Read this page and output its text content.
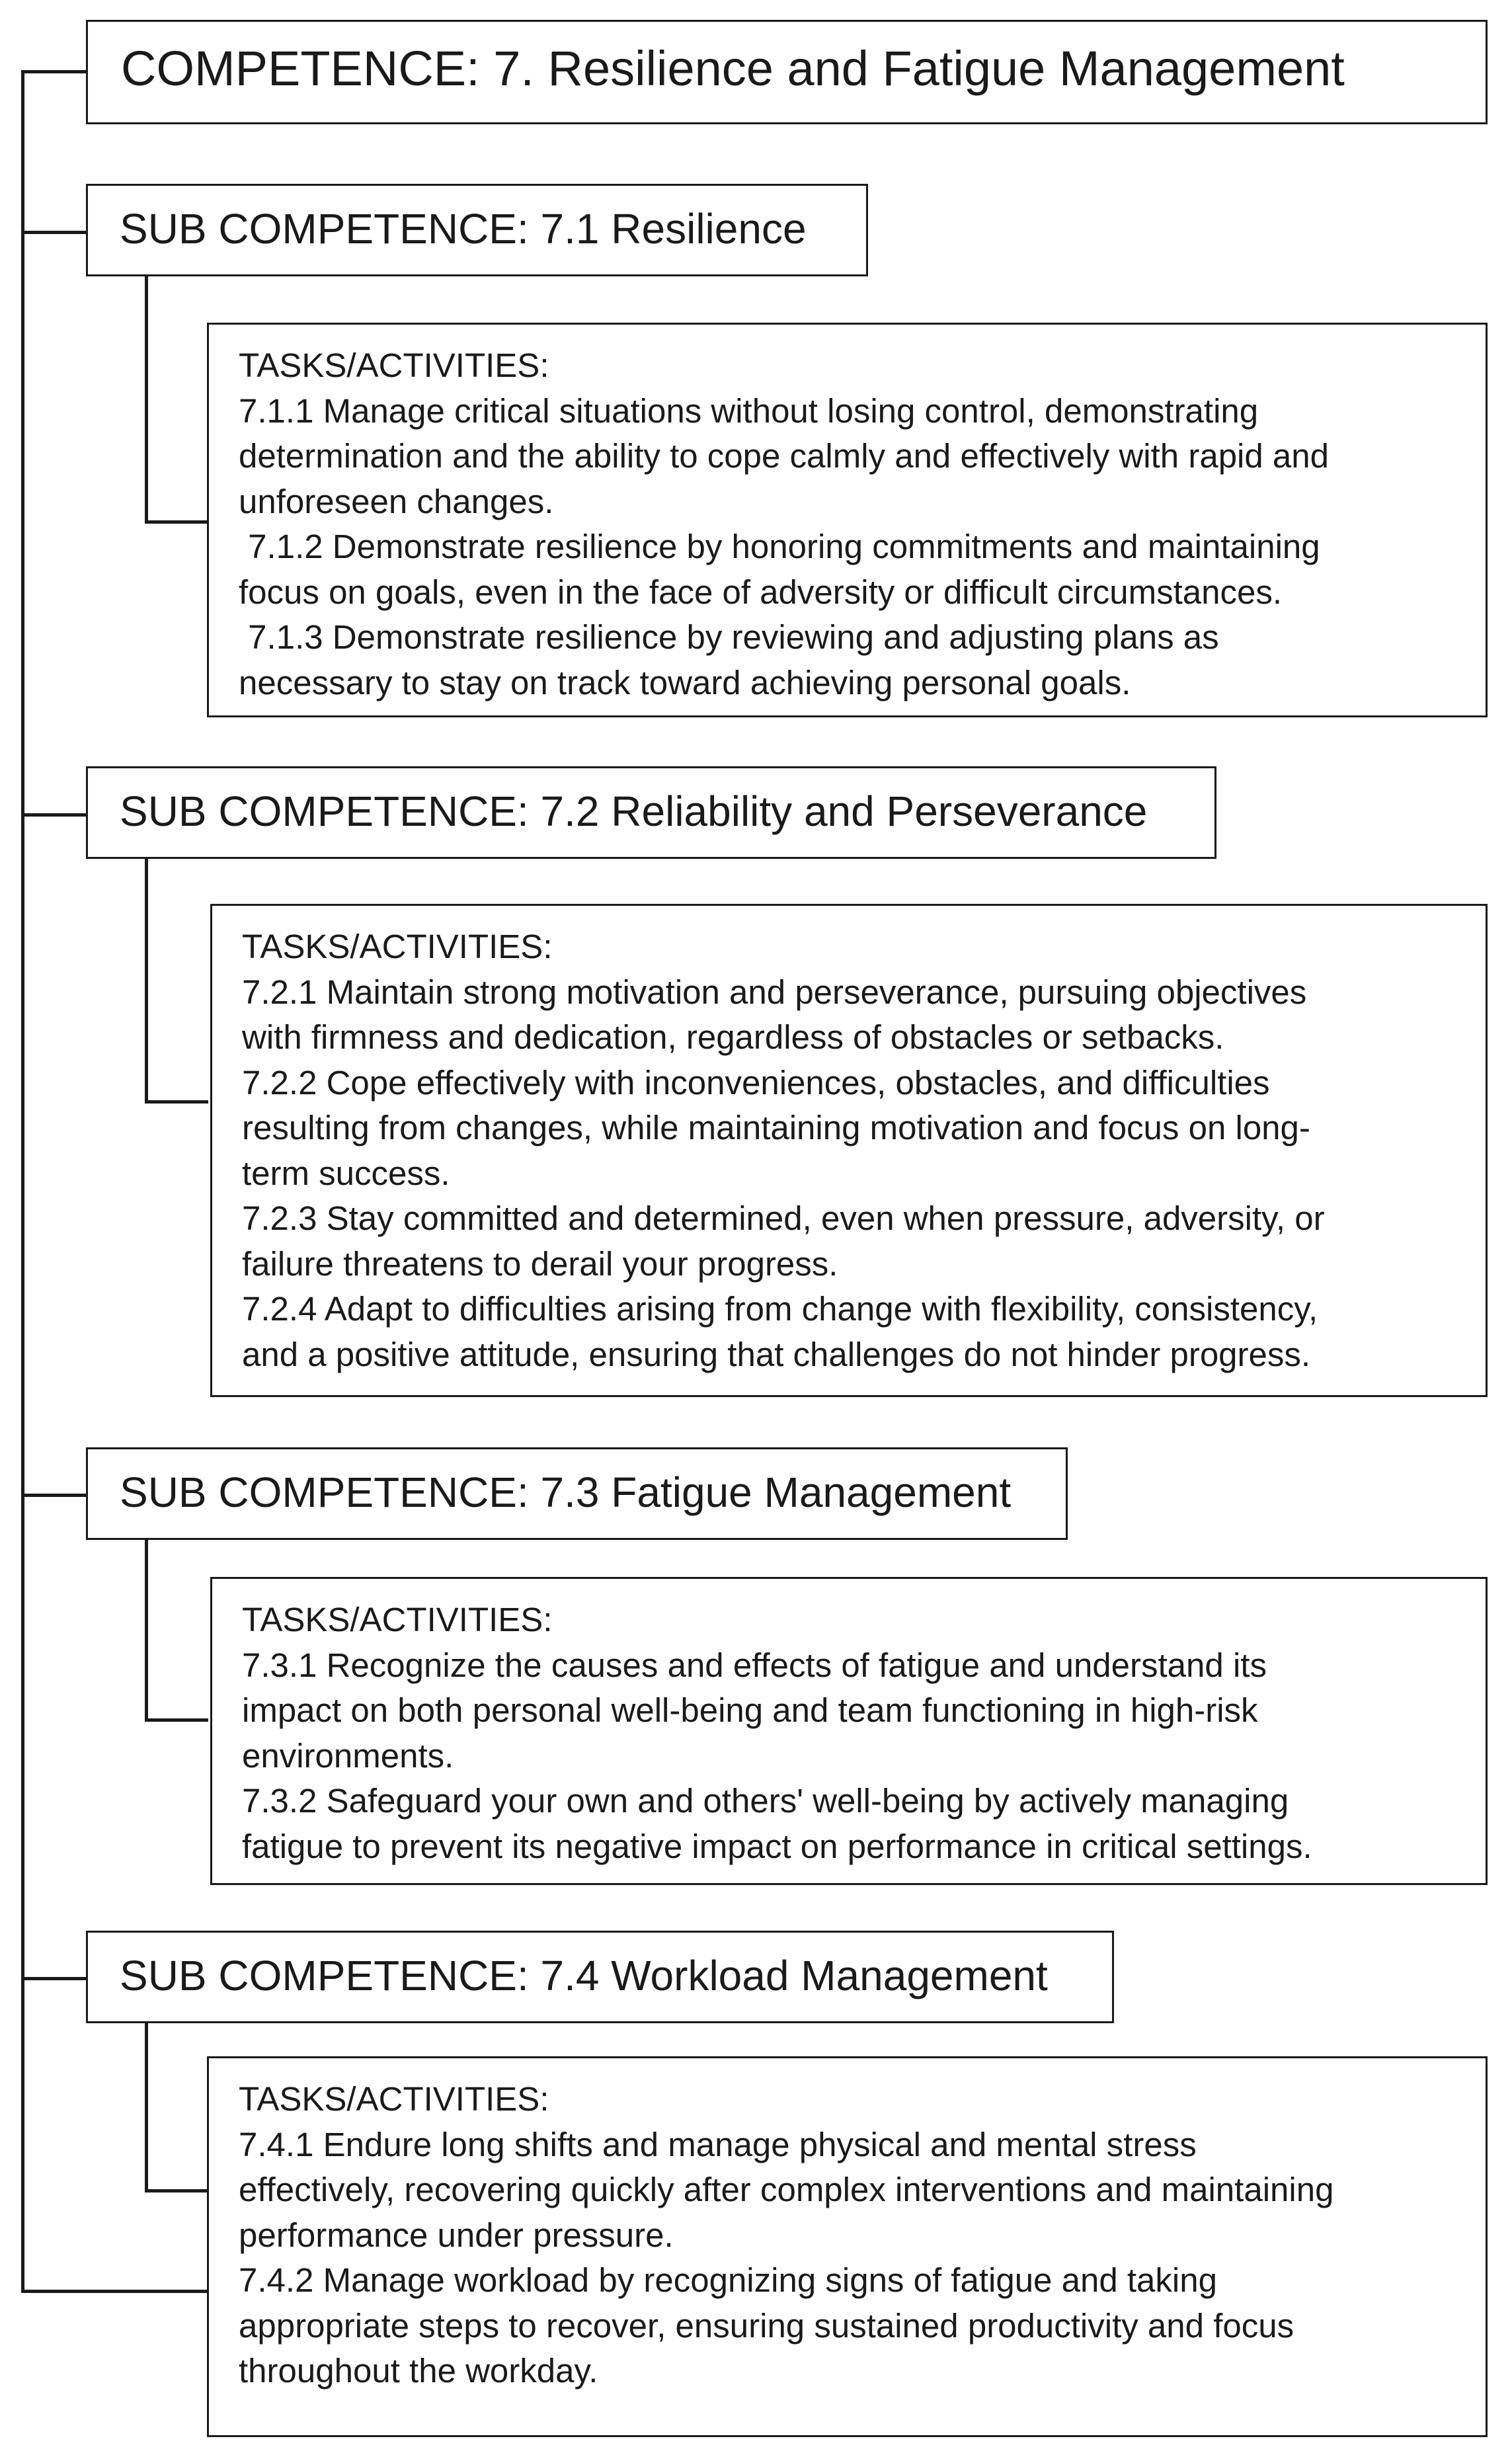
COMPETENCE: 7. Resilience and Fatigue Management
SUB COMPETENCE: 7.1 Resilience
TASKS/ACTIVITIES:
7.1.1 Manage critical situations without losing control, demonstrating
determination and the ability to cope calmly and effectively with rapid and
unforeseen changes.
7.1.2 Demonstrate resilience by honoring commitments and maintaining
focus on goals, even in the face of adversity or difficult circumstances.
7.1.3 Demonstrate resilience by reviewing and adjusting plans as
necessary to stay on track toward achieving personal goals.
SUB COMPETENCE: 7.2 Reliability and Perseverance
TASKS/ACTIVITIES:
7.2.1 Maintain strong motivation and perseverance, pursuing objectives
with firmness and dedication, regardless of obstacles or setbacks.
7.2.2 Cope effectively with inconveniences, obstacles, and difficulties
resulting from changes, while maintaining motivation and focus on long-
term success.
7.2.3 Stay committed and determined, even when pressure, adversity, or
failure threatens to derail your progress.
7.2.4 Adapt to difficulties arising from change with flexibility, consistency,
and a positive attitude, ensuring that challenges do not hinder progress.
SUB COMPETENCE: 7.3 Fatigue Management
TASKS/ACTIVITIES:
7.3.1 Recognize the causes and effects of fatigue and understand its
impact on both personal well-being and team functioning in high-risk
environments.
7.3.2 Safeguard your own and others' well-being by actively managing
fatigue to prevent its negative impact on performance in critical settings.
SUB COMPETENCE: 7.4 Workload Management
TASKS/ACTIVITIES:
7.4.1 Endure long shifts and manage physical and mental stress
effectively, recovering quickly after complex interventions and maintaining
performance under pressure.
7.4.2 Manage workload by recognizing signs of fatigue and taking
appropriate steps to recover, ensuring sustained productivity and focus
throughout the workday.
